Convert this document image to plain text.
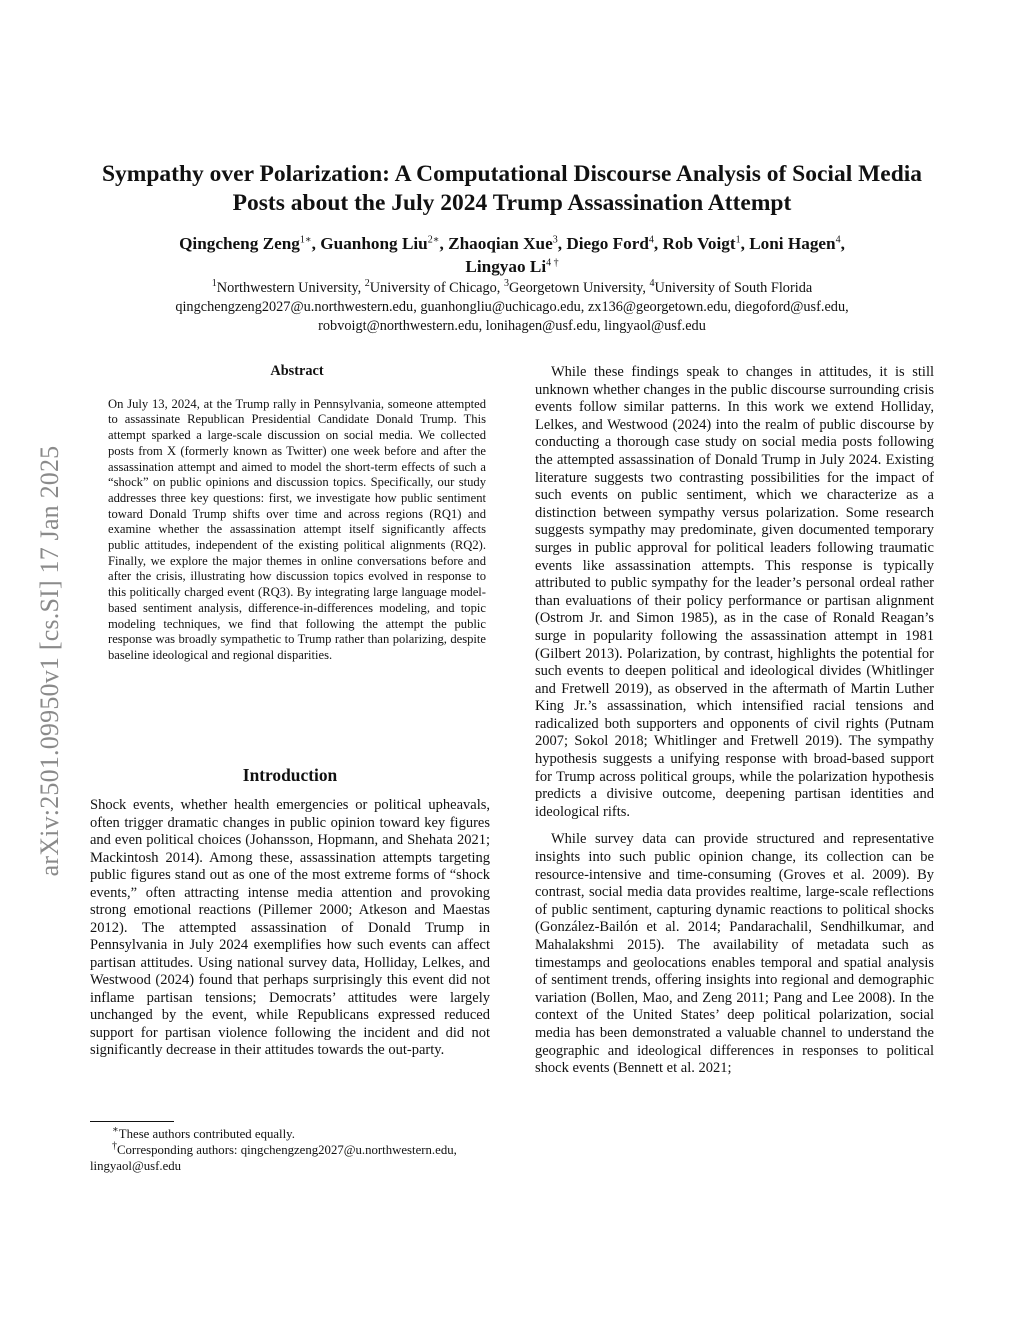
arXiv:2501.09950v1 [cs.SI] 17 Jan 2025
Sympathy over Polarization: A Computational Discourse Analysis of Social Media Posts about the July 2024 Trump Assassination Attempt
Qingcheng Zeng$^{1∗}$, Guanhong Liu$^{2∗}$, Zhaoqian Xue$^3$, Diego Ford$^4$, Rob Voigt$^1$, Loni Hagen$^4$,
Lingyao $Li^{4 \dagger}$
$^1$Northwestern University, $^2$University of Chicago, $^3$Georgetown University, $^4$University of South Florida
qingchengzeng2027@u.northwestern.edu, guanhongliu@uchicago.edu, zx136@georgetown.edu, diegoford@usf.edu,
robvoigt@northwestern.edu, lonihagen@usf.edu, lingyaol@usf.edu
Abstract

On July 13, 2024, at the Trump rally in Pennsylvania, someone attempted to assassinate Republican Presidential Candidate Donald Trump. This attempt sparked a large-scale discussion on social media. We collected posts from X (formerly known as Twitter) one week before and after the assassination attempt and aimed to model the short-term effects of such a “shock” on public opinions and discussion topics. Specifically, our study addresses three key questions: first, we investigate how public sentiment toward Donald Trump shifts over time and across regions (RQ1) and examine whether the assassination attempt itself significantly affects public attitudes, independent of the existing political alignments (RQ2). Finally, we explore the major themes in online conversations before and after the crisis, illustrating how discussion topics evolved in response to this politically charged event (RQ3). By integrating large language model-based sentiment analysis, difference-in-differences modeling, and topic modeling techniques, we find that following the attempt the public response was broadly sympathetic to Trump rather than polarizing, despite baseline ideological and regional disparities.

Introduction

Shock events, whether health emergencies or political upheavals, often trigger dramatic changes in public opinion toward key figures and even political choices (Johansson, Hopmann, and Shehata 2021; Mackintosh 2014). Among these, assassination attempts targeting public figures stand out as one of the most extreme forms of “shock events,” often attracting intense media attention and provoking strong emotional reactions (Pillemer 2000; Atkeson and Maestas 2012). The attempted assassination of Donald Trump in Pennsylvania in July 2024 exemplifies how such events can affect partisan attitudes. Using national survey data, Holliday, Lelkes, and Westwood (2024) found that perhaps surprisingly this event did not inflame partisan tensions; Democrats’ attitudes were largely unchanged by the event, while Republicans expressed reduced support for partisan violence following the incident and did not significantly decrease in their attitudes towards the out-party.

∗These authors contributed equally.

†Corresponding authors: qingchengzeng2027@u.northwestern.edu, lingyaol@usf.edu

While these findings speak to changes in attitudes, it is still unknown whether changes in the public discourse surrounding crisis events follow similar patterns. In this work we extend Holliday, Lelkes, and Westwood (2024) into the realm of public discourse by conducting a thorough case study on social media posts following the attempted assassination of Donald Trump in July 2024. Existing literature suggests two contrasting possibilities for the impact of such events on public sentiment, which we characterize as a distinction between sympathy versus polarization. Some research suggests sympathy may predominate, given documented temporary surges in public approval for political leaders following traumatic events like assassination attempts. This response is typically attributed to public sympathy for the leader’s personal ordeal rather than evaluations of their policy performance or partisan alignment (Ostrom Jr. and Simon 1985), as in the case of Ronald Reagan’s surge in popularity following the assassination attempt in 1981 (Gilbert 2013). Polarization, by contrast, highlights the potential for such events to deepen political and ideological divides (Whitlinger and Fretwell 2019), as observed in the aftermath of Martin Luther King Jr.’s assassination, which intensified racial tensions and radicalized both supporters and opponents of civil rights (Putnam 2007; Sokol 2018; Whitlinger and Fretwell 2019). The sympathy hypothesis suggests a unifying response with broad-based support for Trump across political groups, while the polarization hypothesis predicts a divisive outcome, deepening partisan identities and ideological rifts.

While survey data can provide structured and representative insights into such public opinion change, its collection can be resource-intensive and time-consuming (Groves et al. 2009). By contrast, social media data provides realtime, large-scale reflections of public sentiment, capturing dynamic reactions to political shocks (González-Bailón et al. 2014; Pandarachalil, Sendhilkumar, and Mahalakshmi 2015). The availability of metadata such as timestamps and geolocations enables temporal and spatial analysis of sentiment trends, offering insights into regional and demographic variation (Bollen, Mao, and Zeng 2011; Pang and Lee 2008). In the context of the United States’ deep political polarization, social media has been demonstrated a valuable channel to understand the geographic and ideological differences in responses to political shock events (Bennett et al. 2021;
